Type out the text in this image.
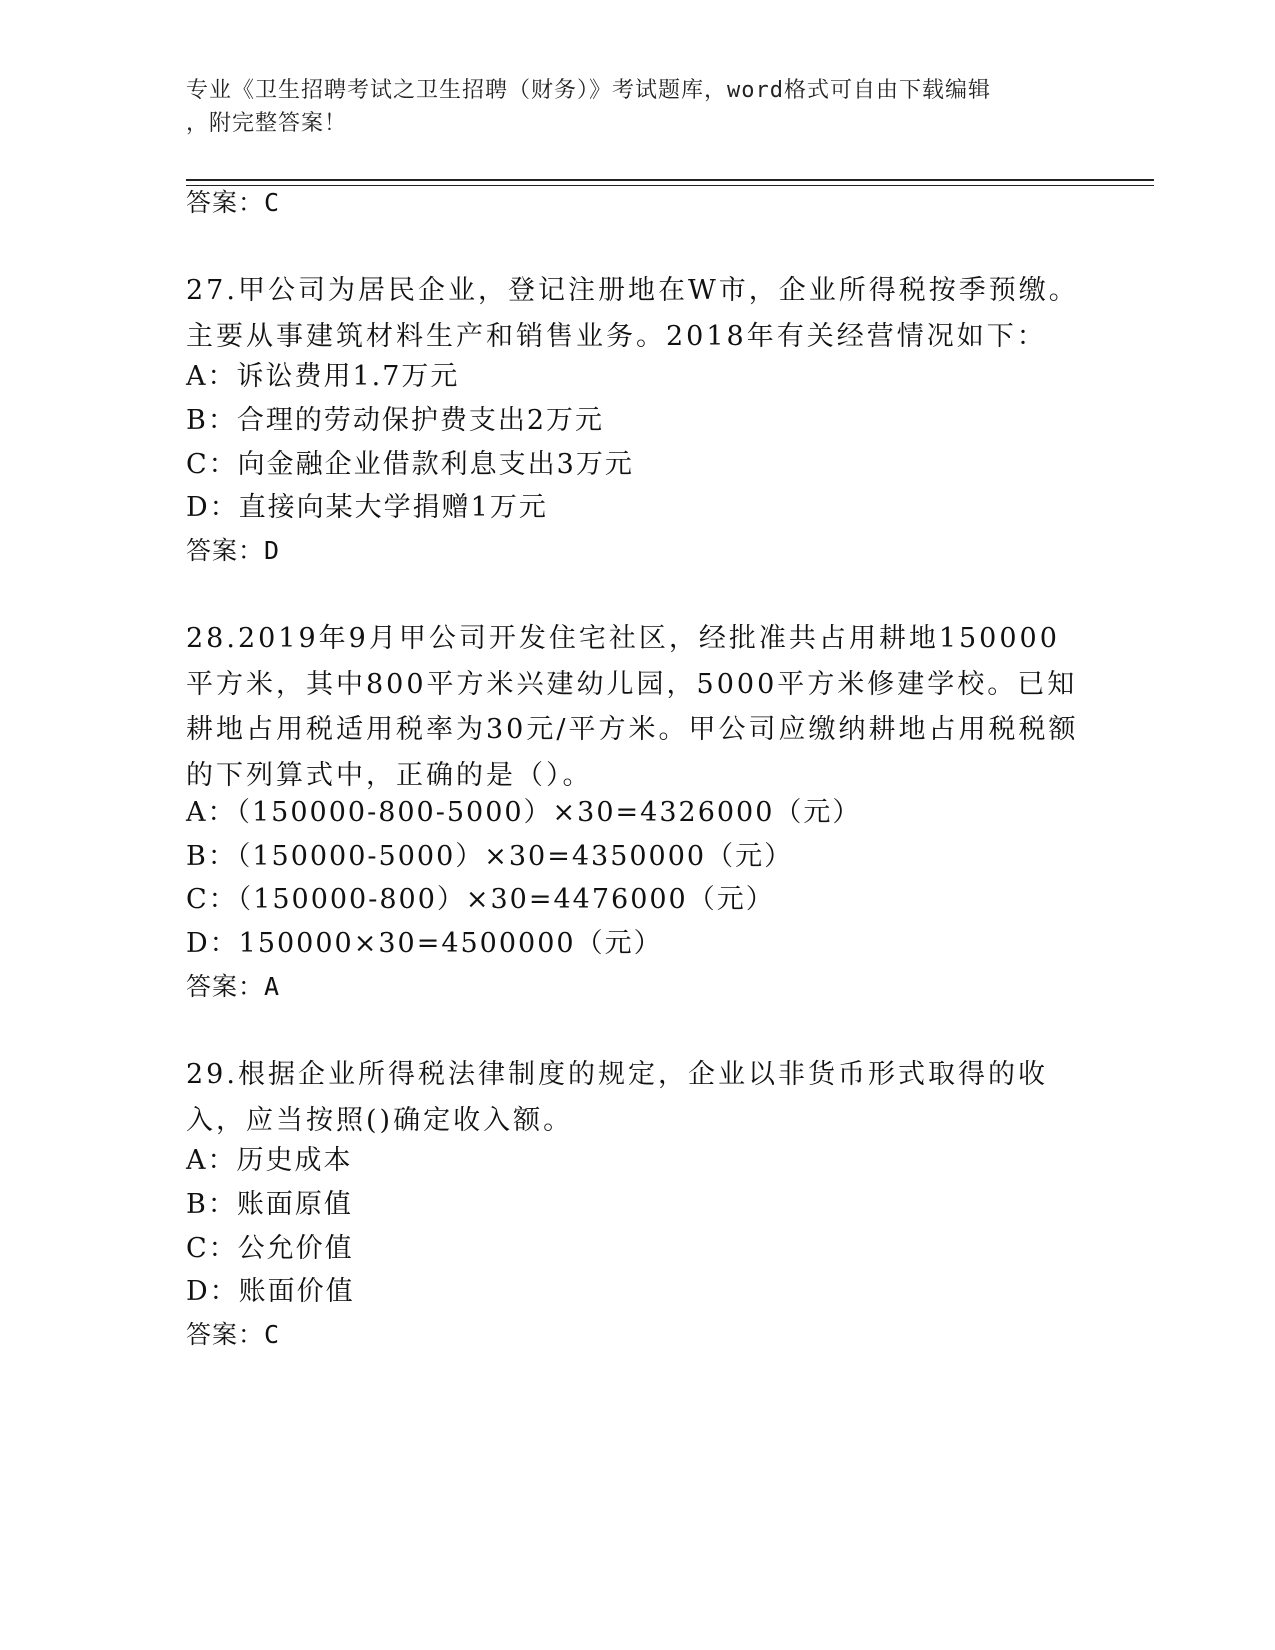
专业《卫生招聘考试之卫生招聘（财务）》考试题库，word格式可自由下载编辑
，附完整答案！
答案：C
27.甲公司为居民企业，登记注册地在W市，企业所得税按季预缴。主要从事建筑材料生产和销售业务。2018年有关经营情况如下：
A：诉讼费用1.7万元
B：合理的劳动保护费支出2万元
C：向金融企业借款利息支出3万元
D：直接向某大学捐赠1万元
答案：D
28.2019年9月甲公司开发住宅社区，经批准共占用耕地150000平方米，其中800平方米兴建幼儿园，5000平方米修建学校。已知耕地占用税适用税率为30元/平方米。甲公司应缴纳耕地占用税税额的下列算式中，正确的是（）。
A：（150000-800-5000）×30=4326000（元）
B：（150000-5000）×30=4350000（元）
C：（150000-800）×30=4476000（元）
D：150000×30=4500000（元）
答案：A
29.根据企业所得税法律制度的规定，企业以非货币形式取得的收入，应当按照()确定收入额。
A：历史成本
B：账面原值
C：公允价值
D：账面价值
答案：C
